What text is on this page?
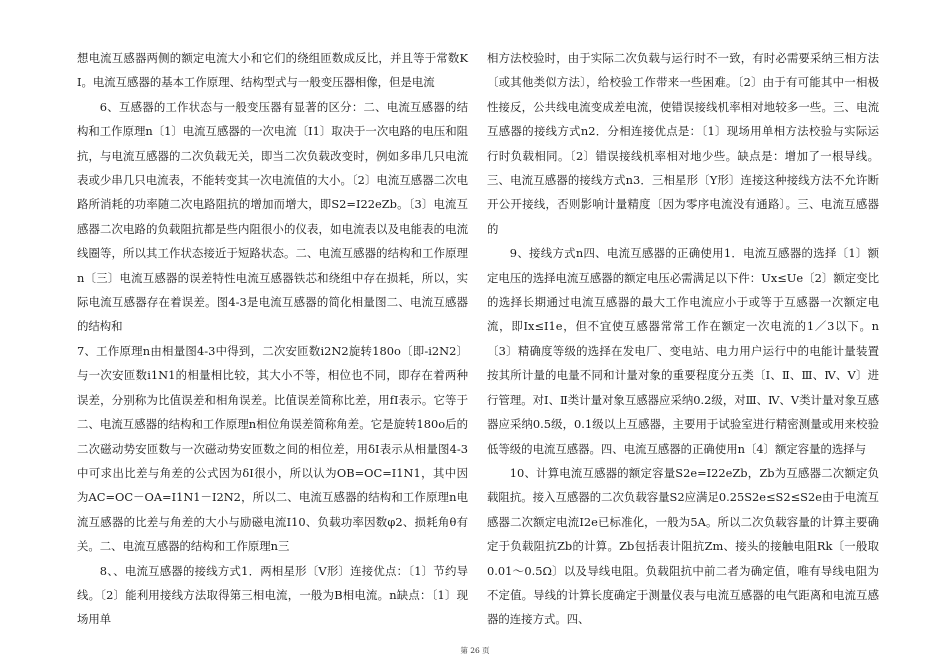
想电流互感器两侧的额定电流大小和它们的绕组匝数成反比，并且等于常数KI。电流互感器的基本工作原理、结构型式与一般变压器相像，但是电流

6、互感器的工作状态与一般变压器有显著的区分：二、电流互感器的结构和工作原理n〔1〕电流互感器的一次电流〔I1〕取决于一次电路的电压和阻抗，与电流互感器的二次负载无关，即当二次负载改变时，例如多串几只电流表或少串几只电流表，不能转变其一次电流值的大小。〔2〕电流互感器二次电路所消耗的功率随二次电路阻抗的增加而增大，即S2=I22eZb。〔3〕电流互感器二次电路的负载阻抗都是些内阻很小的仪表，如电流表以及电能表的电流线圈等，所以其工作状态接近于短路状态。二、电流互感器的结构和工作原理n〔三〕电流互感器的误差特性电流互感器铁芯和绕组中存在损耗，所以，实际电流互感器存在着误差。图4-3是电流互感器的简化相量图二、电流互感器的结构和

7、工作原理n由相量图4-3中得到，二次安匝数i2N2旋转180o〔即-i2N2〕与一次安匝数i1N1的相量相比较，其大小不等，相位也不同，即存在着两种误差，分别称为比值误差和相角误差。比值误差简称比差，用fI表示。它等于二、电流互感器的结构和工作原理n相位角误差简称角差。它是旋转180o后的二次磁动势安匝数与一次磁动势安匝数之间的相位差，用δI表示从相量图4-3中可求出比差与角差的公式因为δI很小，所以认为OB=OC=I1N1，其中因为AC=OC－OA=I1N1－I2N2，所以二、电流互感器的结构和工作原理n电流互感器的比差与角差的大小与励磁电流I10、负载功率因数φ2、损耗角θ有关。二、电流互感器的结构和工作原理n三

8、、电流互感器的接线方式1．两相星形〔V形〕连接优点：〔1〕节约导线。〔2〕能利用接线方法取得第三相电流，一般为B相电流。n缺点：〔1〕现场用单

相方法校验时，由于实际二次负载与运行时不一致，有时必需要采纳三相方法〔或其他类似方法〕，给校验工作带来一些困难。〔2〕由于有可能其中一相极性接反，公共线电流变成差电流，使错误接线机率相对地较多一些。三、电流互感器的接线方式n2．分相连接优点是：〔1〕现场用单相方法校验与实际运行时负载相同。〔2〕错误接线机率相对地少些。缺点是：增加了一根导线。三、电流互感器的接线方式n3．三相星形〔Y形〕连接这种接线方法不允许断开公开接线，否则影响计量精度〔因为零序电流没有通路〕。三、电流互感器的

9、接线方式n四、电流互感器的正确使用1．电流互感器的选择〔1〕额定电压的选择电流互感器的额定电压必需满足以下件：Ux≤Ue〔2〕额定变比的选择长期通过电流互感器的最大工作电流应小于或等于互感器一次额定电流，即Ix≤I1e，但不宜使互感器常常工作在额定一次电流的1／3以下。n〔3〕精确度等级的选择在发电厂、变电站、电力用户运行中的电能计量装置按其所计量的电量不同和计量对象的重要程度分五类〔Ⅰ、Ⅱ、Ⅲ、Ⅳ、Ⅴ〕进行管理。对Ⅰ、Ⅱ类计量对象互感器应采纳0.2级，对Ⅲ、Ⅳ、Ⅴ类计量对象互感器应采纳0.5级，0.1级以上互感器，主要用于试验室进行精密测量或用来校验低等级的电流互感器。四、电流互感器的正确使用n〔4〕额定容量的选择与

10、计算电流互感器的额定容量S2e=I22eZb，Zb为互感器二次额定负载阻抗。接入互感器的二次负载容量S2应满足0.25S2e≤S2≤S2e由于电流互感器二次额定电流I2e已标准化，一般为5A。所以二次负载容量的计算主要确定于负载阻抗Zb的计算。Zb包括表计阻抗Zm、接头的接触电阻Rk〔一般取0.01～0.5Ω〕以及导线电阻。负载阻抗中前二者为确定值，唯有导线电阻为不定值。导线的计算长度确定于测量仪表与电流互感器的电气距离和电流互感器的连接方式。四、

第 26 页
